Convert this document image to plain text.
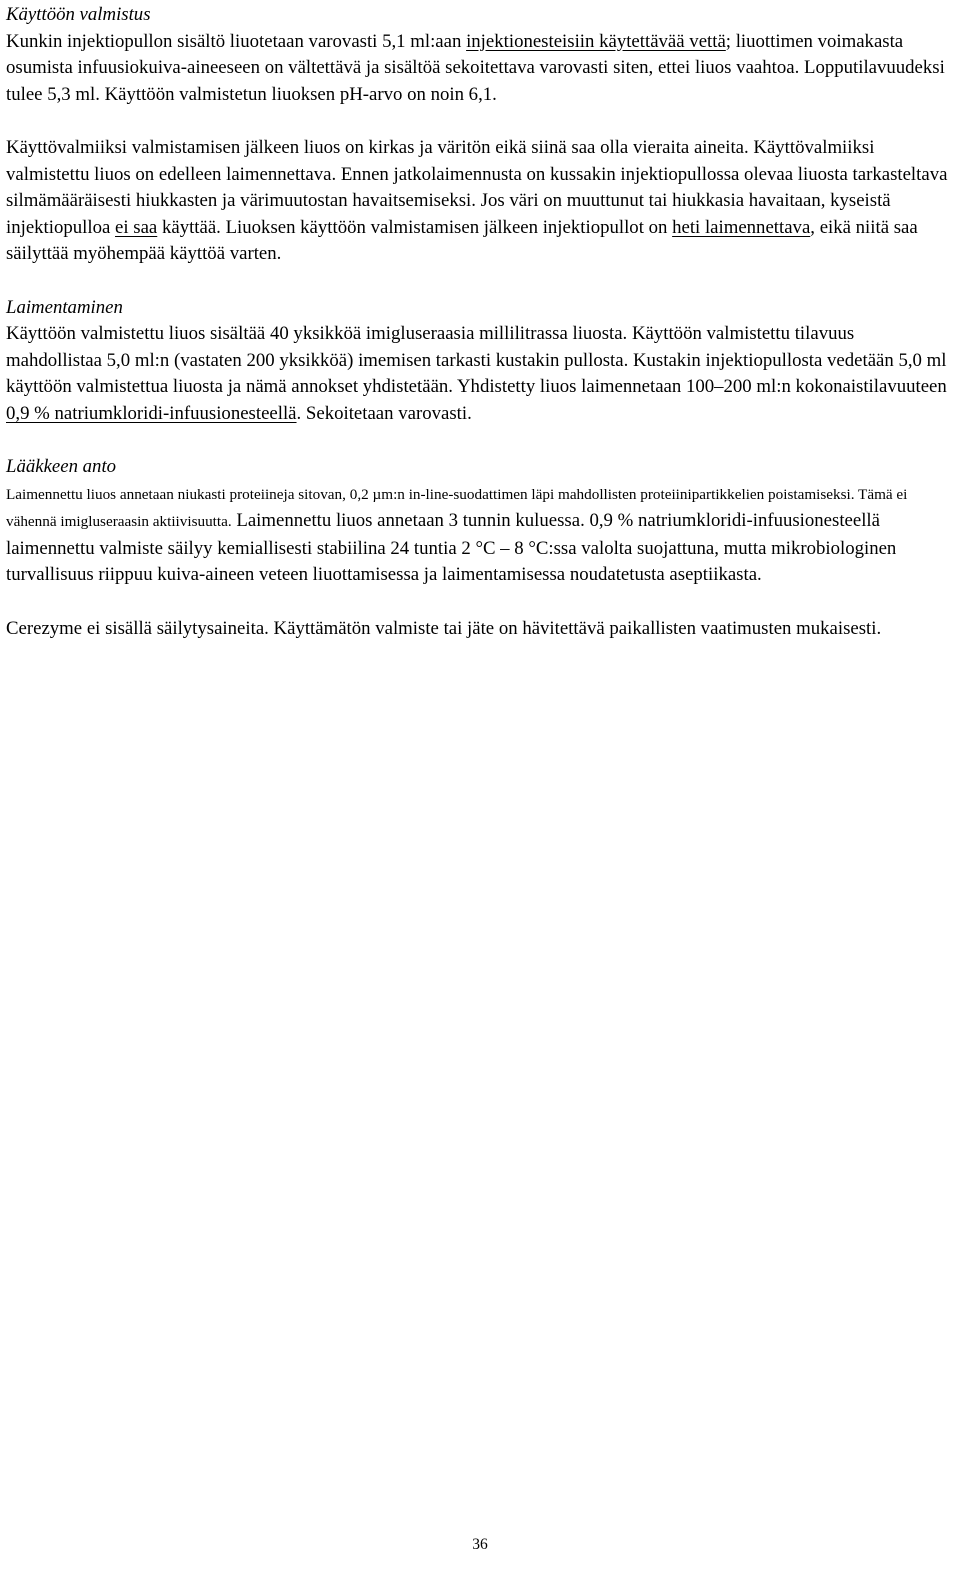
Käyttöön valmistus

Kunkin injektiopullon sisältö liuotetaan varovasti 5,1 ml:aan injektionesteisiin käytettävää vettä; liuottimen voimakasta osumista infuusiokuiva-aineeseen on vältettävä ja sisältöä sekoitettava varovasti siten, ettei liuos vaahtoa. Lopputilavuudeksi tulee 5,3 ml. Käyttöön valmistetun liuoksen pH-arvo on noin 6,1.

Käyttövalmiiksi valmistamisen jälkeen liuos on kirkas ja väritön eikä siinä saa olla vieraita aineita. Käyttövalmiiksi valmistettu liuos on edelleen laimennettava. Ennen jatkolaimennusta on kussakin injektiopullossa olevaa liuosta tarkasteltava silmämääräisesti hiukkasten ja värimuutostan havaitsemiseksi. Jos väri on muuttunut tai hiukkasia havaitaan, kyseistä injektiopulloa ei saa käyttää. Liuoksen käyttöön valmistamisen jälkeen injektiopullot on heti laimennettava, eikä niitä saa säilyttää myöhempää käyttöä varten.

Laimentaminen

Käyttöön valmistettu liuos sisältää 40 yksikköä imigluseraasia millilitrassa liuosta. Käyttöön valmistettu tilavuus mahdollistaa 5,0 ml:n (vastaten 200 yksikköä) imemisen tarkasti kustakin pullosta. Kustakin injektiopullosta vedetään 5,0 ml käyttöön valmistettua liuosta ja nämä annokset yhdistetään. Yhdistetty liuos laimennetaan 100–200 ml:n kokonaistilavuuteen 0,9 % natriumkloridi-infuusionesteellä. Sekoitetaan varovasti.

Lääkkeen anto

Laimennettu liuos annetaan niukasti proteiineja sitovan, 0,2 µm:n in-line-suodattimen läpi mahdollisten proteiinipartikkelien poistamiseksi. Tämä ei vähennä imigluseraasin aktiivisuutta. Laimennettu liuos annetaan 3 tunnin kuluessa. 0,9 % natriumkloridi-infuusionesteellä laimennettu valmiste säilyy kemiallisesti stabiilina 24 tuntia 2 °C – 8 °C:ssa valolta suojattuna, mutta mikrobiologinen turvallisuus riippuu kuiva-aineen veteen liuottamisessa ja laimentamisessa noudatetusta aseptiikasta.

Cerezyme ei sisällä säilytysaineita. Käyttämätön valmiste tai jäte on hävitettävä paikallisten vaatimusten mukaisesti.

36
